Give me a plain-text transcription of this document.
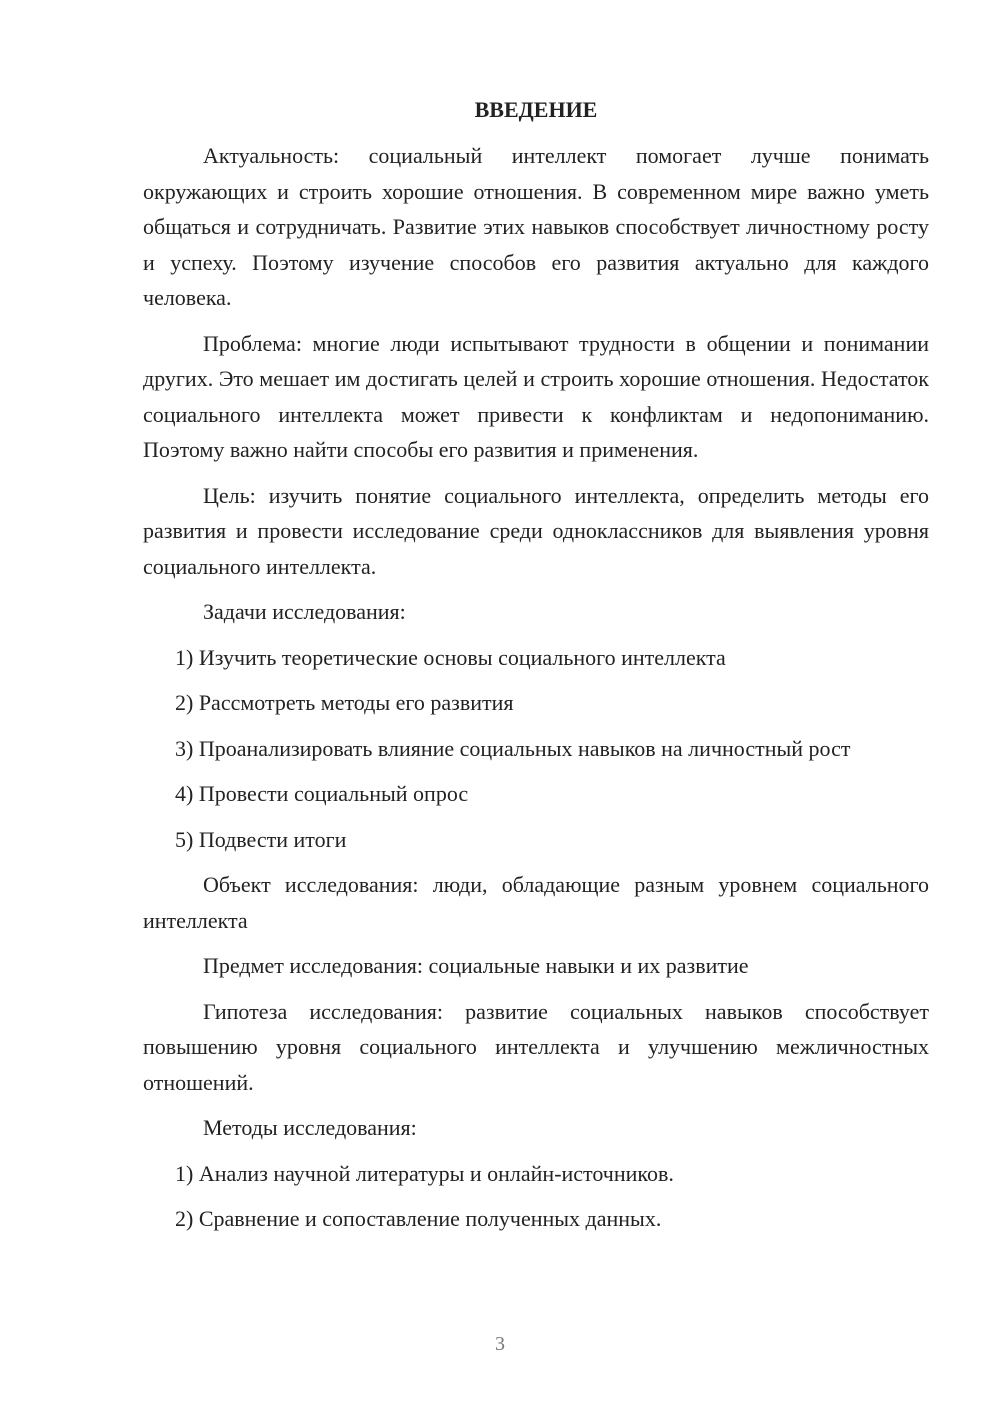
ВВЕДЕНИЕ

Актуальность: социальный интеллект помогает лучше понимать окружающих и строить хорошие отношения. В современном мире важно уметь общаться и сотрудничать. Развитие этих навыков способствует личностному росту и успеху. Поэтому изучение способов его развития актуально для каждого человека.

Проблема: многие люди испытывают трудности в общении и понимании других. Это мешает им достигать целей и строить хорошие отношения. Недостаток социального интеллекта может привести к конфликтам и недопониманию. Поэтому важно найти способы его развития и применения.

Цель: изучить понятие социального интеллекта, определить методы его развития и провести исследование среди одноклассников для выявления уровня социального интеллекта.

Задачи исследования:

1) Изучить теоретические основы социального интеллекта

2) Рассмотреть методы его развития

3) Проанализировать влияние социальных навыков на личностный рост

4) Провести социальный опрос

5) Подвести итоги

Объект исследования: люди, обладающие разным уровнем социального интеллекта

Предмет исследования: социальные навыки и их развитие

Гипотеза исследования: развитие социальных навыков способствует повышению уровня социального интеллекта и улучшению межличностных отношений.

Методы исследования:

1) Анализ научной литературы и онлайн-источников.

2) Сравнение и сопоставление полученных данных.

3
